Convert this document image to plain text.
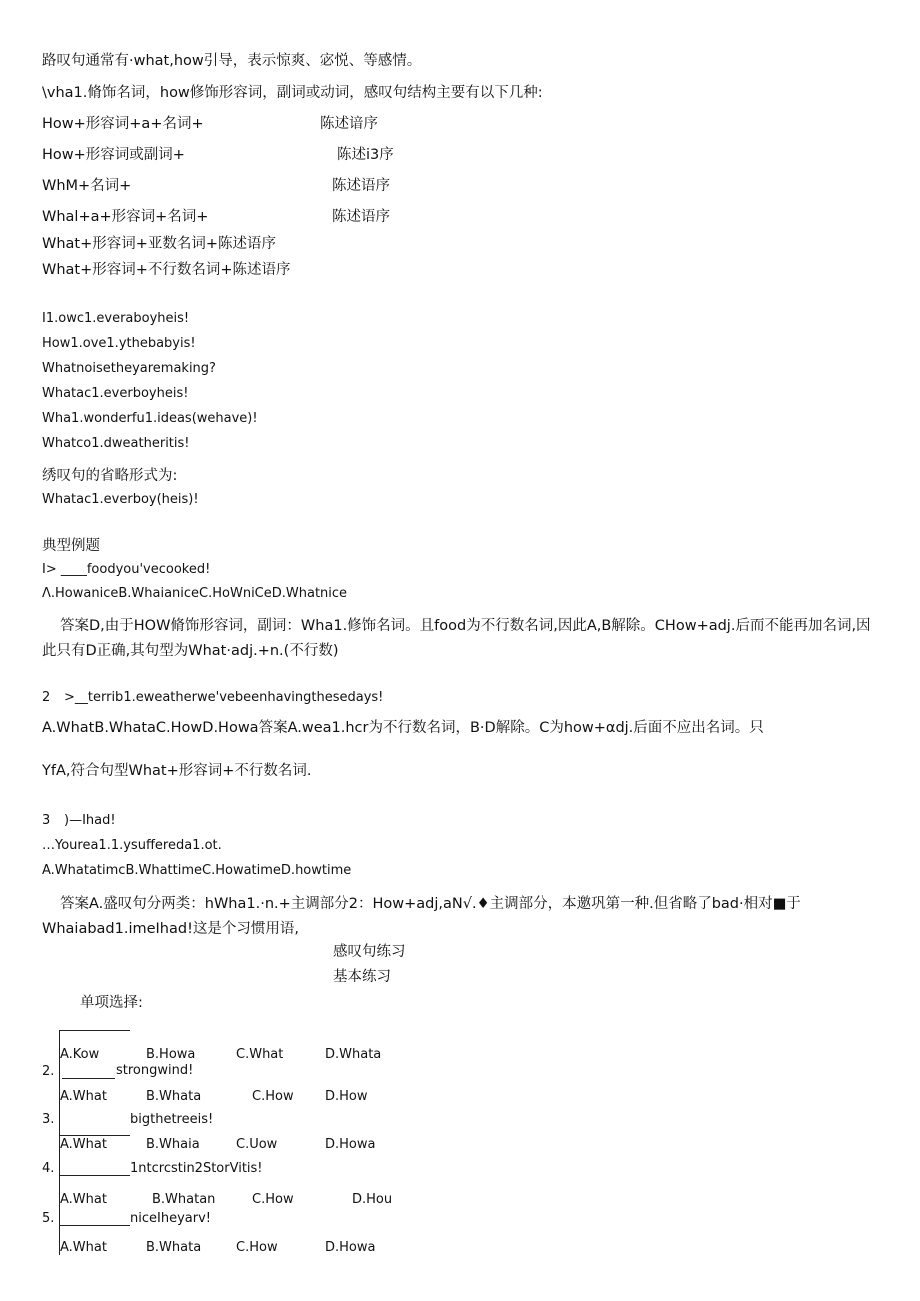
路叹句通常有·what,how引导，表示惊爽、宓悦、等感情。
\vha1.脩饰名词，how修饰形容词，副词或动词，感叹句结构主要有以下几种:
How+形容词+a+名词+	陈述谙序
How+形容词或副词+	陈述i3序
WhM+名词+	陈述语序
Whal+a+形容词+名词+	陈述语序
What+形容词+亚数名词+陈述语序
What+形容词+不行数名词+陈述语序
I1.owc1.everaboyheis!
How1.ove1.ythebabyis!
Whatnoisetheyaremaking?
Whatac1.everboyheis!
Wha1.wonderfu1.ideas(wehave)!
Whatco1.dweatheritis!
绣叹句的省略形式为:
Whatac1.everboy(heis)!
典型例题
I> ____foodyou'vecooked!
Λ.HowaniceB.WhaianiceC.HoWniCeD.Whatnice
答案D,由于HOW脩饰形容词，副词：Wha1.修饰名词。且food为不行数名词,因此A,B解除。CHow+adj.后而不能再加名词,因此只有D正确,其句型为What·adj.+n.(不行数)
2 >__terrib1.eweatherwe'vebeenhavingthesedays!
A.WhatB.WhataC.HowD.Howa答案A.wea1.hcr为不行数名词，B·D解除。C为how+αdj.后面不应出名词。只
YfA,符合句型What+形容词+不行数名词.
3 )—Ihad!
…Yourea1.1.ysuffereda1.ot.
A.WhatatimcB.WhattimeC.HowatimeD.howtime
答案A.盛叹句分两类：hWha1.·n.+主调部分2：How+adj,aN√.♦主调部分，本邀巩第一种.但省略了bad·相对■于Whaiabad1.imeIhad!这是个习惯用语,
感叹句练习
基本练习
单项选择:
A.Kow	B.Howa	C.What	D.Whata
2.	strongwind!
A.What	B.Whata	C.How D.How
3.	bigthetreeis!
A.What	B.Whaia	C.Uow	D.Howa
4.	1ntcrcstin2StorVitis!
A.What	B.Whatan	C.How	D.Hou
5.	niceIheyarv!
A.What	B.Whata	C.How	D.Howa
